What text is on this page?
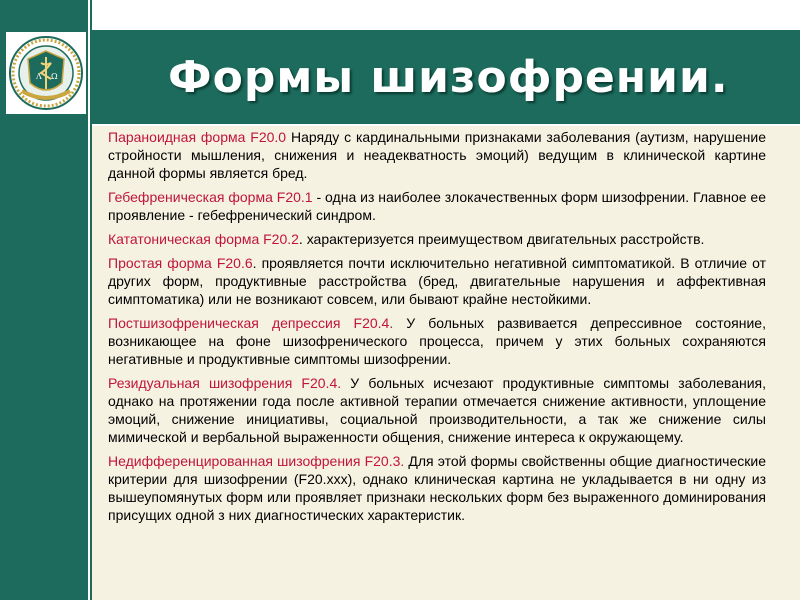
Λ Ω	Формы шизофрении.

Параноидная форма F20.0 Наряду с кардинальными признаками заболевания (аутизм, нарушение стройности мышления, снижения и неадекватность эмоций) ведущим в клинической картине данной формы является бред.

Гебефреническая форма F20.1 - одна из наиболее злокачественных форм шизофрении. Главное ее проявление - гебефренический синдром.

Кататоническая форма F20.2. характеризуется преимуществом двигательных расстройств.

Простая форма F20.6. проявляется почти исключительно негативной симптоматикой. В отличие от других форм, продуктивные расстройства (бред, двигательные нарушения и аффективная симптоматика) или не возникают совсем, или бывают крайне нестойкими.

Постшизофреническая депрессия F20.4. У больных развивается депрессивное состояние, возникающее на фоне шизофренического процесса, причем у этих больных сохраняются негативные и продуктивные симптомы шизофрении.

Резидуальная шизофрения F20.4. У больных исчезают продуктивные симптомы заболевания, однако на протяжении года после активной терапии отмечается снижение активности, уплощение эмоций, снижение инициативы, социальной производительности, а так же снижение силы мимической и вербальной выраженности общения, снижение интереса к окружающему.

Недифференцированная шизофрения F20.3. Для этой формы свойственны общие диагностические критерии для шизофрении (F20.xxx), однако клиническая картина не укладывается в ни одну из вышеупомянутых форм или проявляет признаки нескольких форм без выраженного доминирования присущих одной з них диагностических характеристик.
